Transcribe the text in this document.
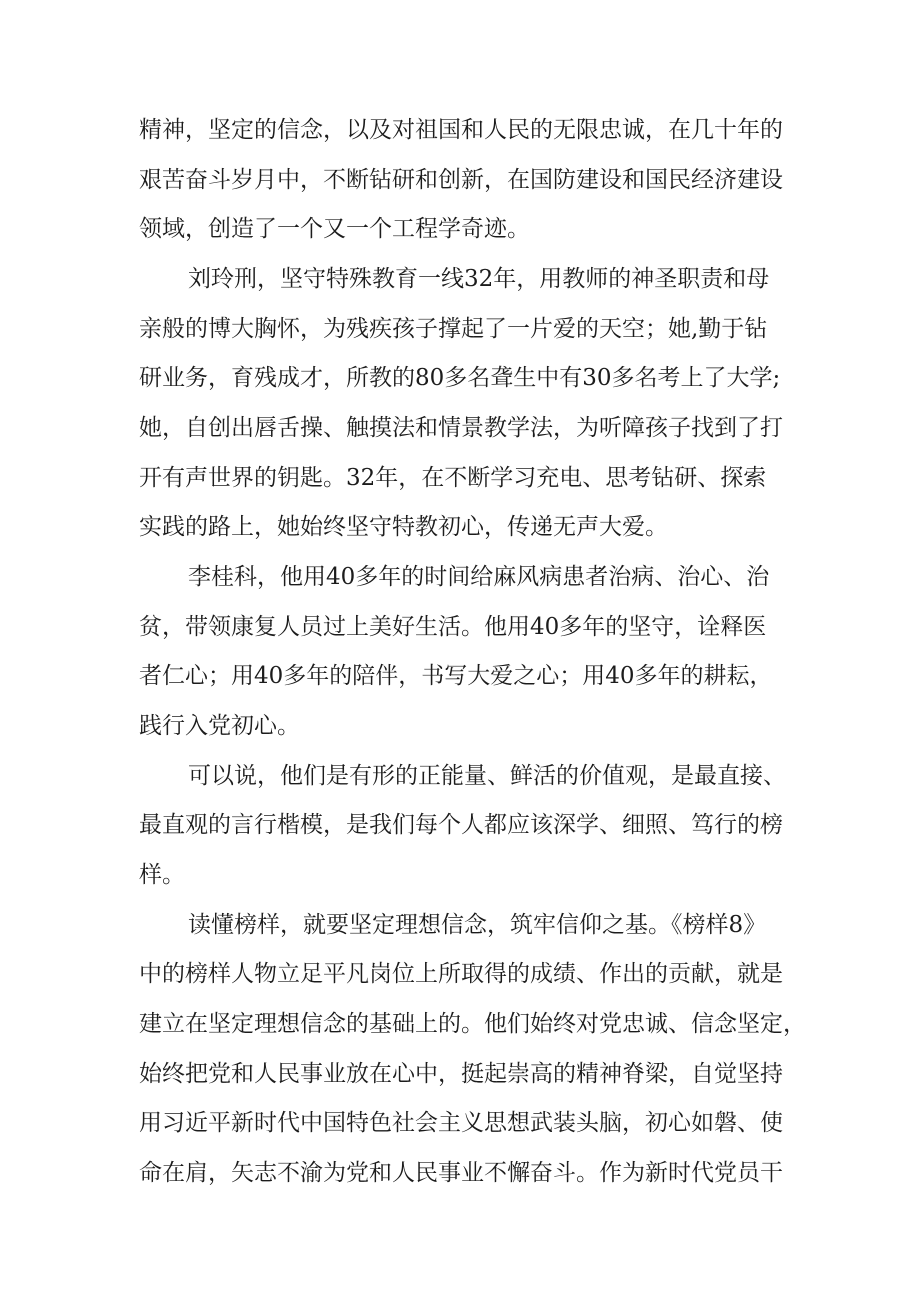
精神，坚定的信念，以及对祖国和人民的无限忠诚，在几十年的
艰苦奋斗岁月中，不断钻研和创新，在国防建设和国民经济建设
领域，创造了一个又一个工程学奇迹。
刘玲刑，坚守特殊教育一线32年，用教师的神圣职责和母
亲般的博大胸怀，为残疾孩子撑起了一片爱的天空；她,勤于钻
研业务，育残成才，所教的80多名聋生中有30多名考上了大学;
她，自创出唇舌操、触摸法和情景教学法，为听障孩子找到了打
开有声世界的钥匙。32年，在不断学习充电、思考钻研、探索
实践的路上，她始终坚守特教初心，传递无声大爱。
李桂科，他用40多年的时间给麻风病患者治病、治心、治
贫，带领康复人员过上美好生活。他用40多年的坚守，诠释医
者仁心；用40多年的陪伴，书写大爱之心；用40多年的耕耘，
践行入党初心。
可以说，他们是有形的正能量、鲜活的价值观，是最直接、
最直观的言行楷模，是我们每个人都应该深学、细照、笃行的榜
样。
读懂榜样，就要坚定理想信念，筑牢信仰之基。《榜样8》
中的榜样人物立足平凡岗位上所取得的成绩、作出的贡献，就是
建立在坚定理想信念的基础上的。他们始终对党忠诚、信念坚定，
始终把党和人民事业放在心中，挺起崇高的精神脊梁，自觉坚持
用习近平新时代中国特色社会主义思想武装头脑，初心如磐、使
命在肩，矢志不渝为党和人民事业不懈奋斗。作为新时代党员干
